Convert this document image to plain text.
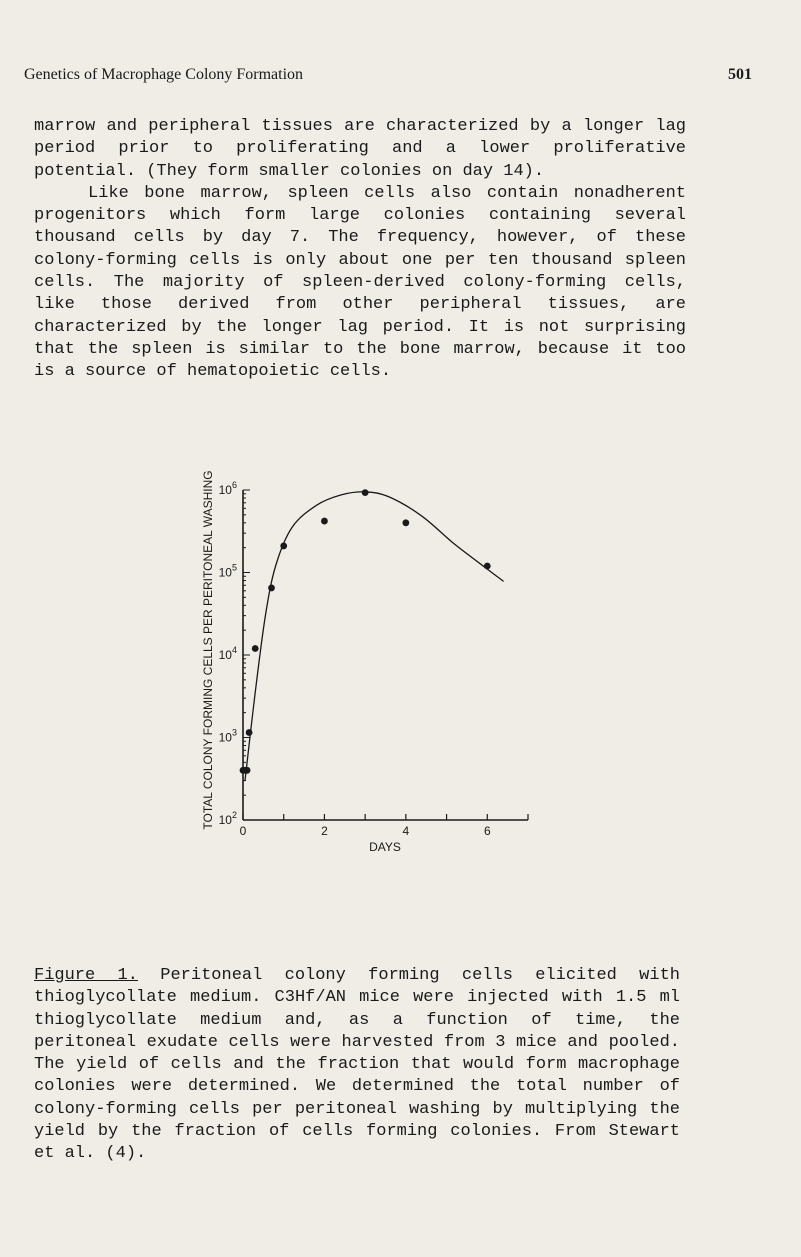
Genetics of Macrophage Colony Formation	501

marrow and peripheral tissues are characterized by a longer lag period prior to proliferating and a lower proliferative potential. (They form smaller colonies on day 14).

Like bone marrow, spleen cells also contain nonadherent progenitors which form large colonies containing several thousand cells by day 7. The frequency, however, of these colony-forming cells is only about one per ten thousand spleen cells. The majority of spleen-derived colony-forming cells, like those derived from other peripheral tissues, are characterized by the longer lag period. It is not surprising that the spleen is similar to the bone marrow, because it too is a source of hematopoietic cells.

$10^2$
$10^3$
$10^4$
$10^5$
$10^6$
0	2	4	6
DAYS
TOTAL COLONY FORMING CELLS PER PERITONEAL WASHING
Figure 1. Peritoneal colony forming cells elicited with thioglycollate medium. C3Hf/AN mice were injected with 1.5 ml thioglycollate medium and, as a function of time, the peritoneal exudate cells were harvested from 3 mice and pooled. The yield of cells and the fraction that would form macrophage colonies were determined. We determined the total number of colony-forming cells per peritoneal washing by multiplying the yield by the fraction of cells forming colonies. From Stewart et al. (4).
